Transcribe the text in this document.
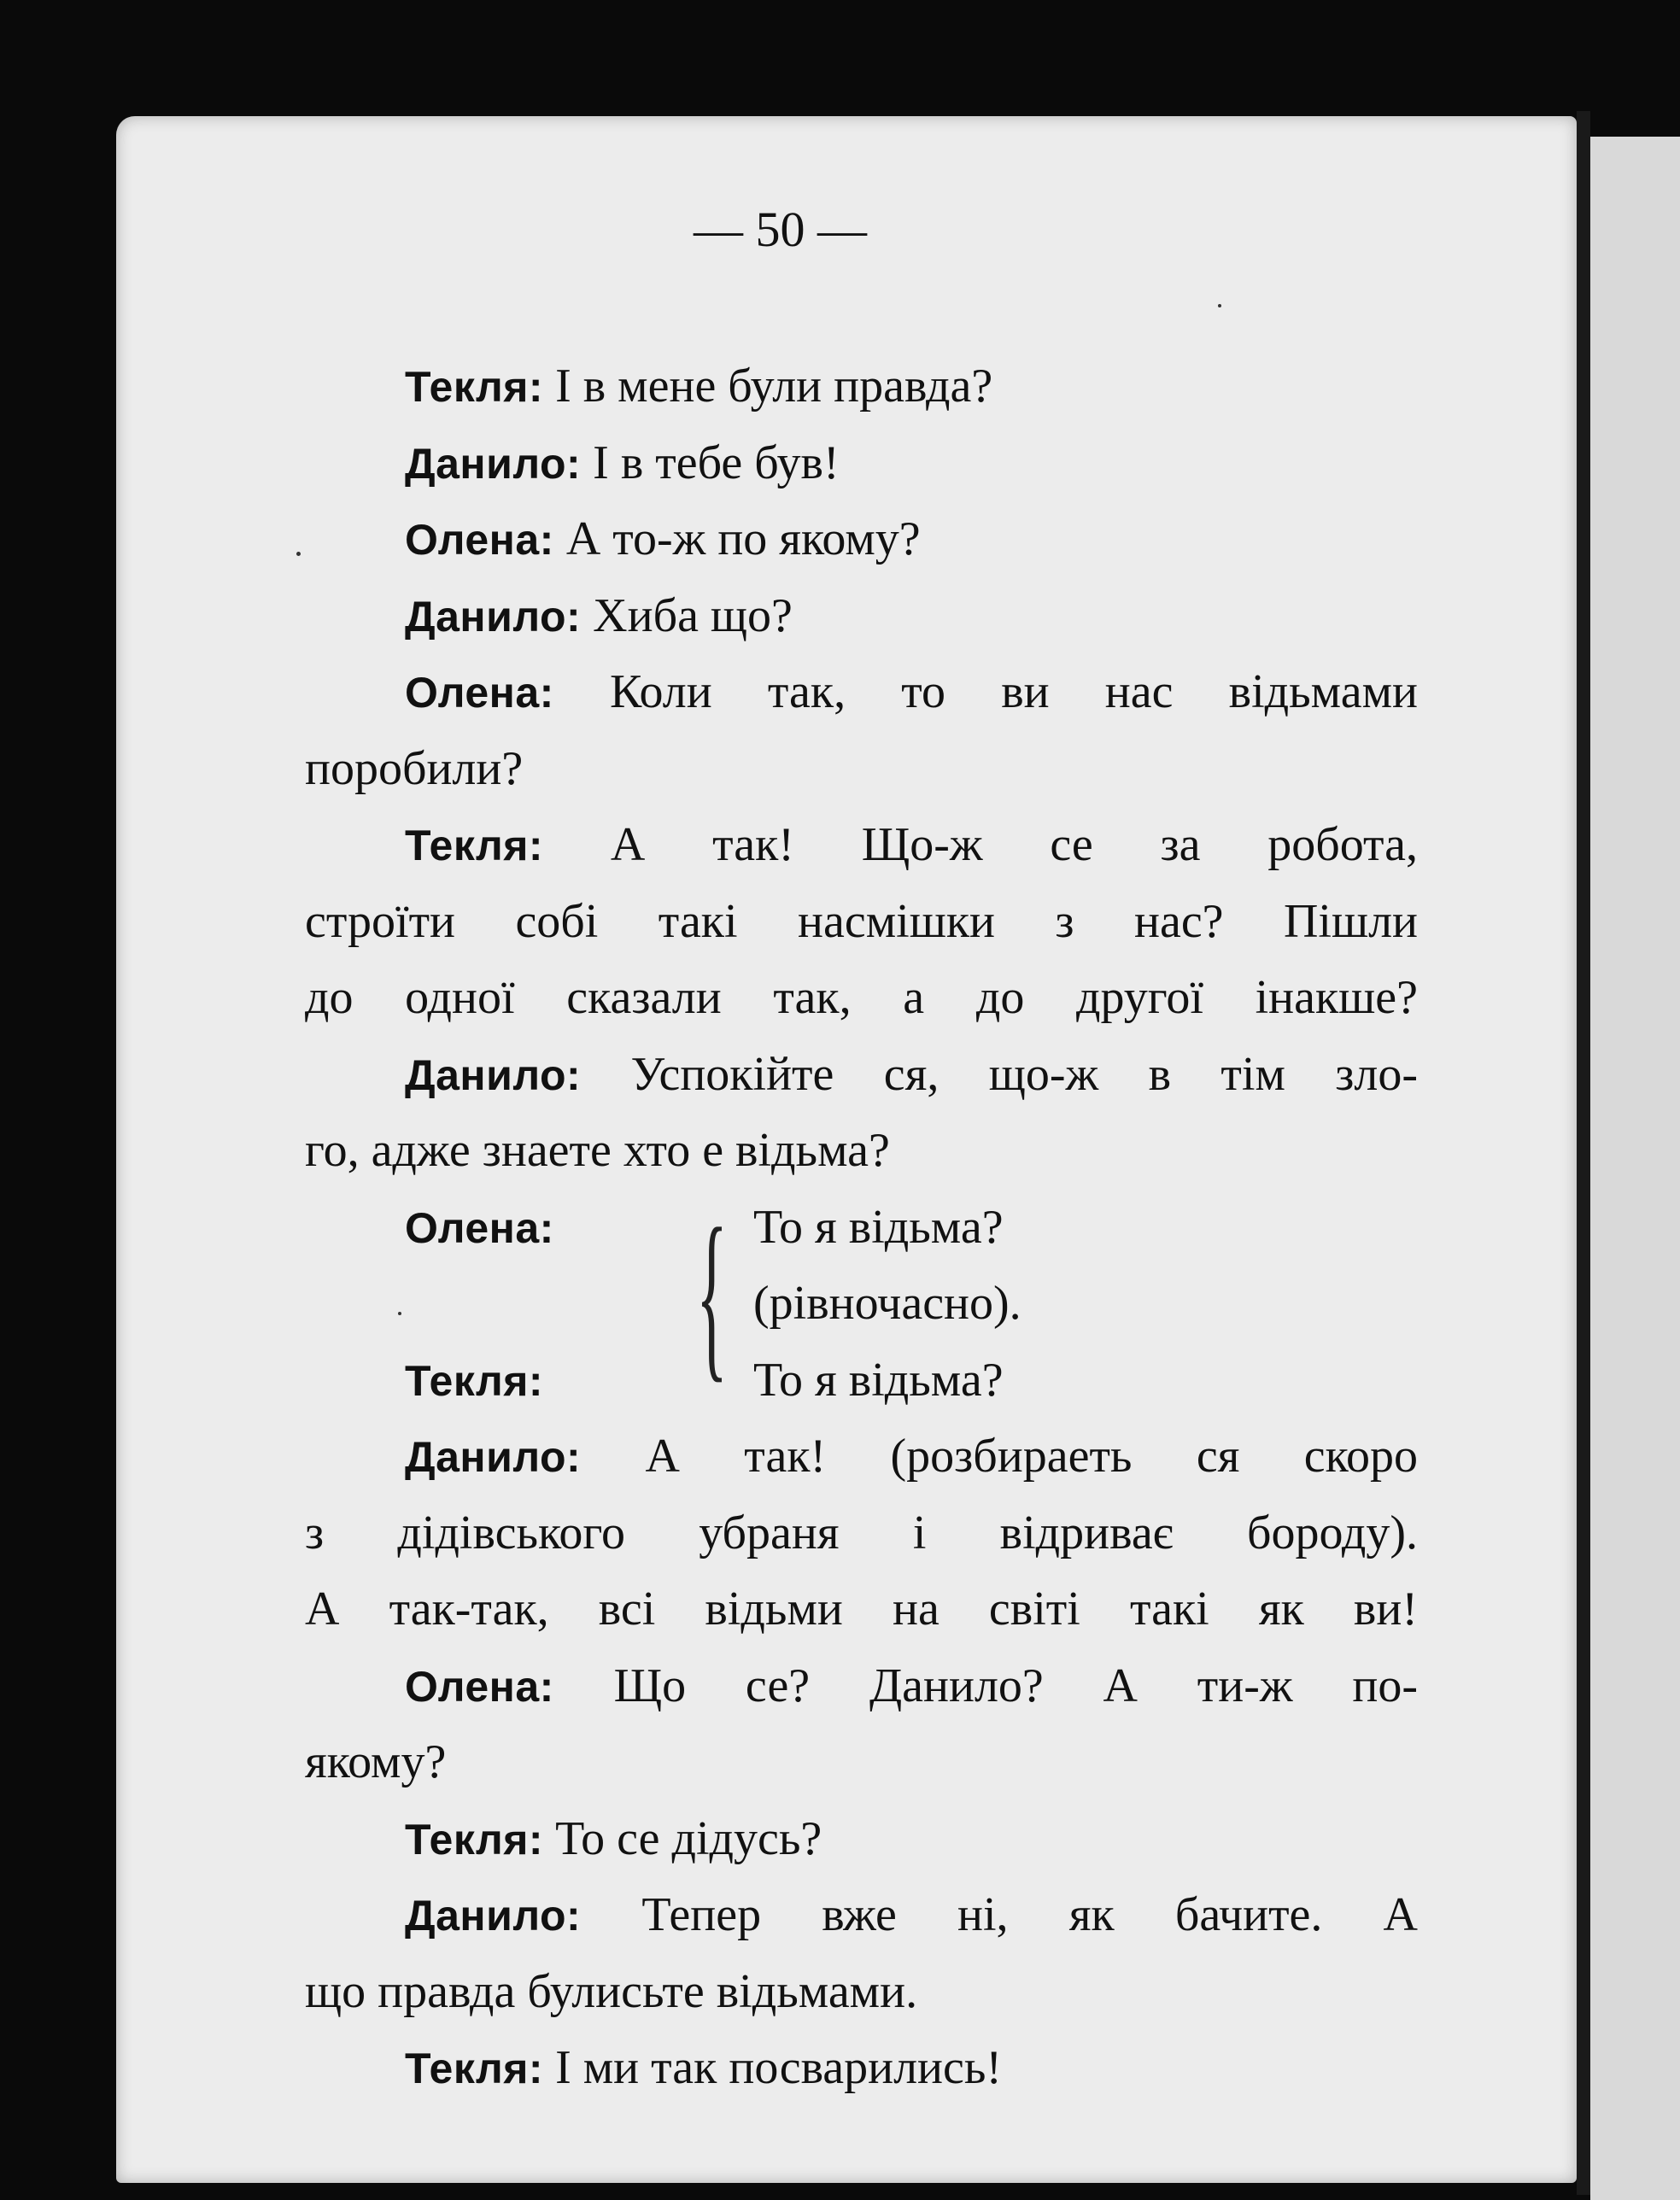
— 50 —
Текля: І в мене були правда?
Данило: І в тебе був!
Олена: А то-ж по якому?
Данило: Хиба що?
Олена: Коли так, то ви нас відьмами
поробили?
Текля: А так! Що-ж се за робота,
строїти собі такі насмішки з нас? Пішли
до одної сказали так, а до другої інакше?
Данило: Успокійте ся, що-ж в тім зло-
го, адже знаете хто е відьма?
{
Олена:	То я відьма?
(рівночасно).
Текля:	То я відьма?
Данило: А так! (розбираеть ся скоро
з дідівського убраня і відриває бороду).
А так-так, всі відьми на світі такі як ви!
Олена: Що се? Данило? А ти-ж по-
якому?
Текля: То се дідусь?
Данило: Тепер вже ні, як бачите. А
що правда булисьте відьмами.
Текля: І ми так посварились!
